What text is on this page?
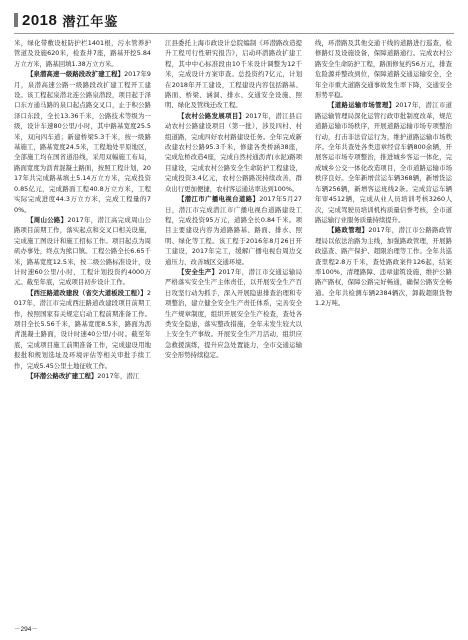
2018 潜江年鉴

米，绿化带敷设桩防护栏1401根，污水管养护管道及设施620米，检查井7座，路基开挖5.84万立方米，路基回填1.38万立方米。

【泉潜高速一级路段改扩建工程】2017年9月，泉潜高速公路一级路段改扩建工程开工建设。该工程起泉潜北连公路泉潜段，项目起于泽口东方通马路的泉口起点路交叉口，止于积公路泽口东段，全长13.36千米，公路技术等级为一级，设计车速80公里/小时，其中路基宽度25.5米，双向四车道；新建桥梁5.3千米，按一级路基施工，路基宽度24.5米，工程地处平原地区，全部施工均在国省道沿线，采用双幅施工布局，路面宽度为沥青混凝土路面，按照工程计划，2017年共完成路基填土5.14万立方米，完成投资0.85亿元，完成路面工程40.8万立方米，工程实际完成进度44.3万立方米，完成工程量的70%。

【周山公路】2017年，潜江高完成周山公路项目前期工作，落实起点和交叉口相关设施，完成施工图设计和施工招标工作。项目起点为周矶办事处，终点为熊口镇。工程公路全长6.65千米，路基宽度12.5米，按二级公路标准设计，设计时速60公里/小时，工程计划投资约4000万元。截至年底，完成项目初步设计工作。

【西汪路道改建段（省交大道板段工程）】2017年，潜江市完成西汪路道改建段项目前期工作，按照国家有关规定启动工程前期准备工作。项目全长5.56千米，路基宽度8.5米，路面为沥青混凝土路面，设计时速40公里/小时。截至年底，完成项目施工前期准备工作，完成建设用地报批和规划选址及环境评估等相关审批手续工作，完成5.45公里土地征收工作。

【环潜公路改扩建工程】2017年，潜江

江县委托上海市政设计总院编制《环潜路改造提升工程可行性研究报告》，启动环潜路改扩建工程，其中中心标准段由10千米设计调整为12千米，完成设计方案审查。总投资约7亿元，计划在2018年开工建设，工程建设内容包括路基、路面、桥梁、涵洞、排水、交通安全设施、照明、绿化及管线迁改工程。

【农村公路发展项目】2017年，潜江县启动农村公路建设项目（第一批），涉及四村、村组道路，完成四好农村路建设任务。全年完成新改建农村公路95.3千米，修建各类桥涵38座，完成危桥改造4座，完成自然村通沥青(水泥)路项目建设，完成农村公路安全生命防护工程建设，完成投资3.4亿元，农村公路路况持续改善，群众出行更加便捷，农村客运通达率达到100%。

【潜江市广播电视台道路】2017年5月27日，潜江市完成潜江市广播电视台道路建设工程，完成投资95万元，道路全长0.84千米。项目主要建设内容为道路路基、路面、排水、照明、绿化等工程。该工程于2016年8月26日开工建设，2017年完工，缓解广播电视台周边交通压力，改善城区交通环境。

【安全生产】2017年，潜江市交通运输局严格落实安全生产主体责任，以开展安全生产百日攻坚行动为抓手，深入开展隐患排查治理和专项整治，建立健全安全生产责任体系，完善安全生产规章制度，组织开展安全生产检查，查处各类安全隐患，落实整改措施，全年未发生较大以上安全生产事故。开展安全生产月活动，组织应急救援演练，提升应急处置能力，全市交通运输安全形势持续稳定。

线，环潜路及其他交通干线的道路进行巡查，检修路灯及设施设备，保障道路通行。完成农村公路安全生命防护工程，路面修复约56万元，排查危险源并整改到位，保障道路交通运输安全，全年全市重大道路交通事故发生率下降，交通安全形势平稳。

【道路运输市场管理】2017年，潜江市道路运输管理局深化运管行政审批制度改革，规范道路运输市场秩序，开展道路运输市场专项整治行动，打击非法营运行为，维护道路运输市场秩序。全年共查处各类违章经营车辆800余辆，开展客运市场专项整治，推进城乡客运一体化，完成城乡公交一体化改造项目，全市道路运输市场秩序良好。全年新增营运车辆368辆，新增货运车辆256辆，新增客运班线2条。完成营运车辆年审4512辆，完成从业人员培训考核3260人次，完成驾驶员培训机构质量信誉考核，全市道路运输行业服务质量持续提升。

【路政管理】2017年，潜江市公路路政管理局以依法治路为主线，加强路政管理，开展路政巡查、路产保护、超限治理等工作。全年共巡查里程2.8万千米，查处路政案件126起，结案率100%，清理路障、违章建筑设施，维护公路路产路权，保障公路完好畅通，确保公路安全畅通。全年共检测车辆2384辆次，卸载超限货物1.2万吨。

－294－
